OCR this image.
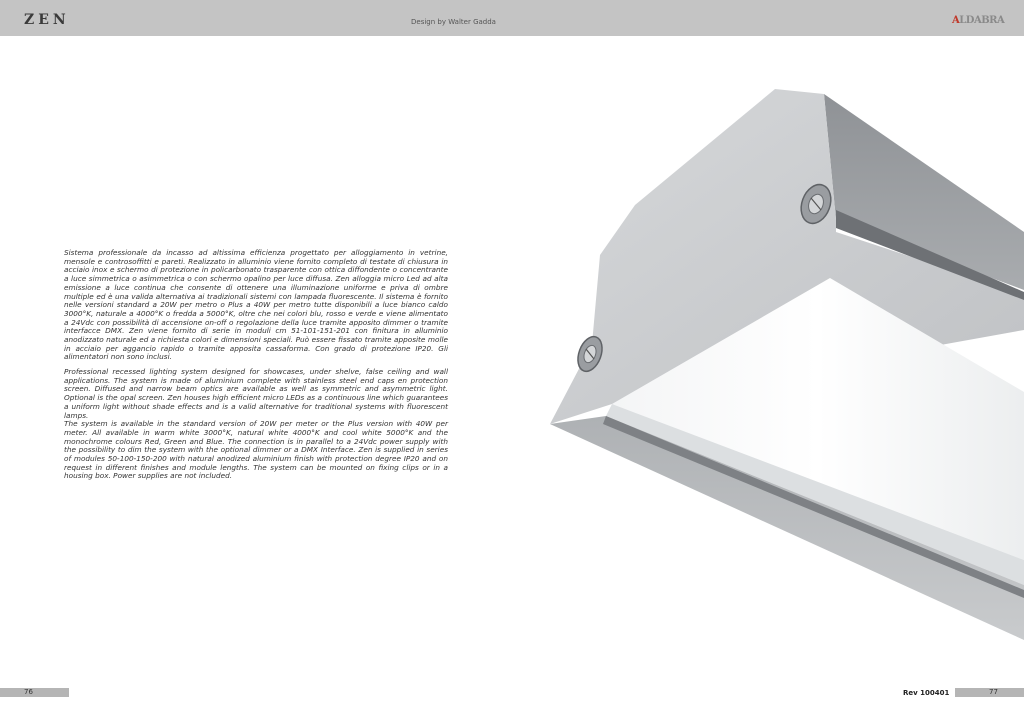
ZEN	Design by Walter Gadda	ALDABRA

Sistema professionale da incasso ad altissima efficienza progettato per alloggiamento in vetrine, mensole e controsoffitti e pareti. Realizzato in alluminio viene fornito completo di testate di chiusura in acciaio inox e schermo di protezione in policarbonato trasparente con ottica diffondente o concentrante a luce simmetrica o asimmetrica o con schermo opalino per luce diffusa. Zen alloggia micro Led ad alta emissione a luce continua che consente di ottenere una illuminazione uniforme e priva di ombre multiple ed è una valida alternativa ai tradizionali sistemi con lampada fluorescente. Il sistema è fornito nelle versioni standard a 20W per metro o Plus a 40W per metro tutte disponibili a luce bianco caldo 3000°K, naturale a 4000°K o fredda a 5000°K, oltre che nei colori blu, rosso e verde e viene alimentato a 24Vdc con possibilità di accensione on-off o regolazione della luce tramite apposito dimmer o tramite interfacce DMX. Zen viene fornito di serie in moduli cm 51-101-151-201 con finitura in alluminio anodizzato naturale ed a richiesta colori e dimensioni speciali. Può essere fissato tramite apposite molle in acciaio per aggancio rapido o tramite apposita cassaforma. Con grado di protezione IP20. Gli alimentatori non sono inclusi.

Professional recessed lighting system designed for showcases, under shelve, false ceiling and wall applications. The system is made of aluminium complete with stainless steel end caps en protection screen. Diffused and narrow beam optics are available as well as symmetric and asymmetric light. Optional is the opal screen. Zen houses high efficient micro LEDs as a continuous line which guarantees a uniform light without shade effects and is a valid alternative for traditional systems with fluorescent lamps.

The system is available in the standard version of 20W per meter or the Plus version with 40W per meter. All available in warm white 3000°K, natural white 4000°K and cool white 5000°K and the monochrome colours Red, Green and Blue. The connection is in parallel to a 24Vdc power supply with the possibility to dim the system with the optional dimmer or a DMX Interface. Zen is supplied in series of modules 50-100-150-200 with natural anodized aluminium finish with protection degree IP20 and on request in different finishes and module lengths. The system can be mounted on fixing clips or in a housing box. Power supplies are not included.

76	Rev 100401	77
